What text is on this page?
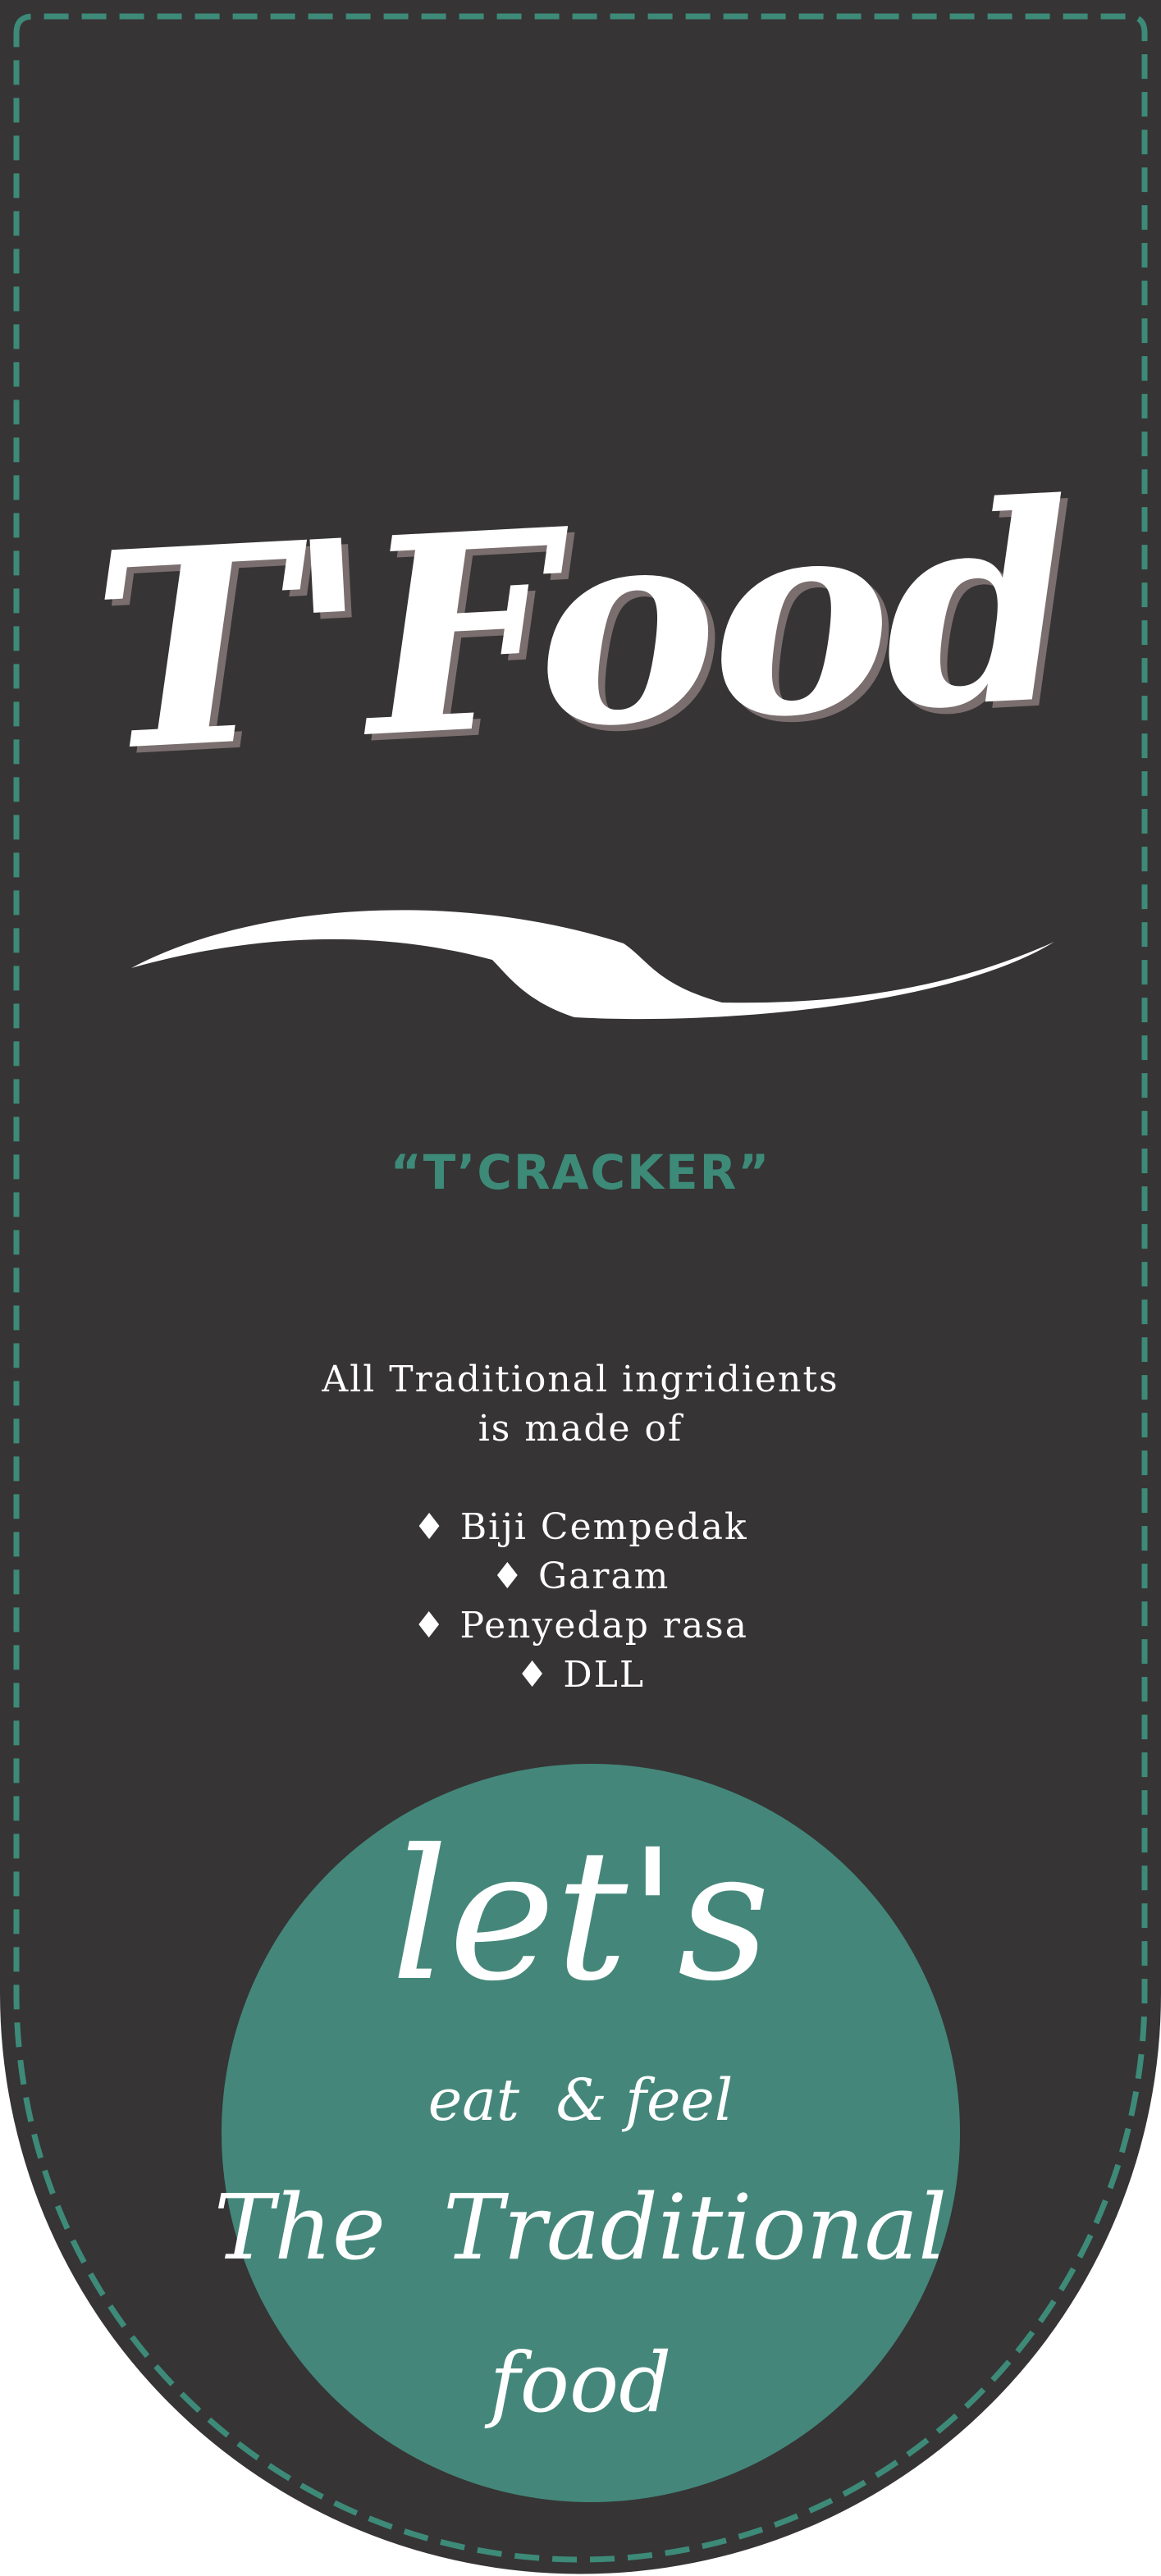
T'Food
“T’CRACKER”
All Traditional ingridients
is made of
♦ Biji Cempedak
♦ Garam
♦ Penyedap rasa
♦ DLL
let's
eat  & feel
The  Traditional
food
